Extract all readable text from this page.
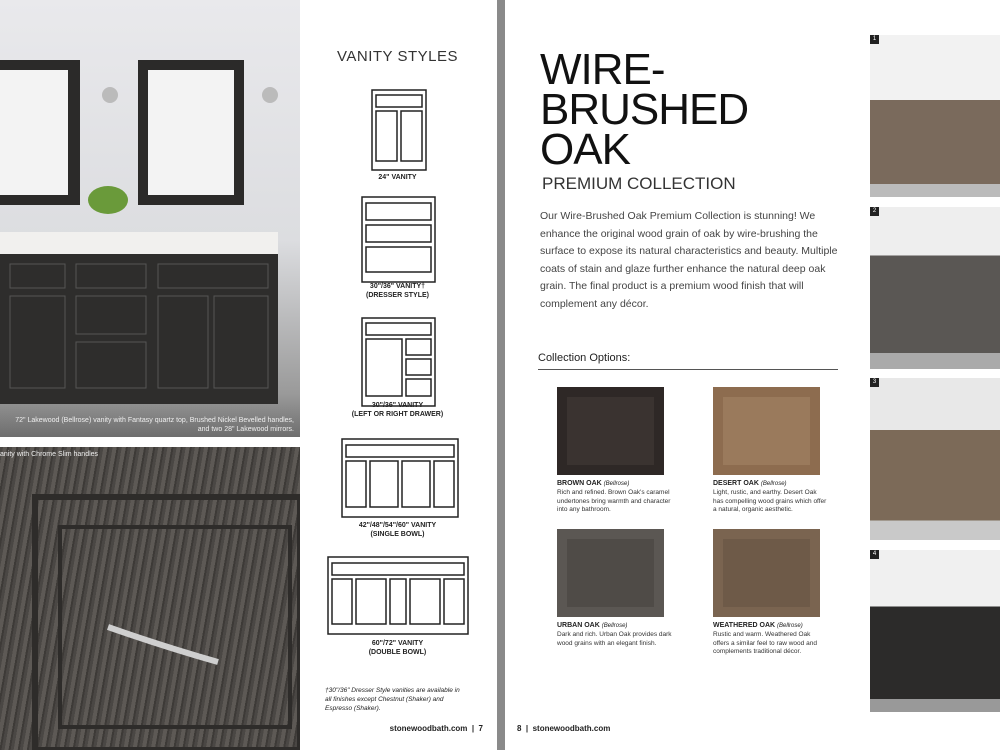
72" Lakewood (Bellrose) vanity with Fantasy quartz top, Brushed Nickel Bevelled handles, and two 28" Lakewood mirrors.
anity with Chrome Slim handles
VANITY STYLES
24" VANITY
30"/36" VANITY†
(DRESSER STYLE)
30"/36" VANITY
(LEFT OR RIGHT DRAWER)
42"/48"/54"/60" VANITY
(SINGLE BOWL)
60"/72" VANITY
(DOUBLE BOWL)
†30"/36" Dresser Style vanities are available in all finishes except Chestnut (Shaker) and Espresso (Shaker).
stonewoodbath.com  |  7
WIRE-
BRUSHED
OAK
PREMIUM COLLECTION
Our Wire-Brushed Oak Premium Collection is stunning! We enhance the original wood grain of oak by wire-brushing the surface to expose its natural characteristics and beauty. Multiple coats of stain and glaze further enhance the natural deep oak grain. The final product is a premium wood finish that will complement any décor.
Collection Options:
BROWN OAK (Bellrose)
Rich and refined. Brown Oak's caramel undertones bring warmth and character into any bathroom.
DESERT OAK (Bellrose)
Light, rustic, and earthy. Desert Oak has compelling wood grains which offer a natural, organic aesthetic.
URBAN OAK (Bellrose)
Dark and rich. Urban Oak provides dark wood grains with an elegant finish.
WEATHERED OAK (Bellrose)
Rustic and warm. Weathered Oak offers a similar feel to raw wood and complements traditional décor.
1
2
3
4
8  |  stonewoodbath.com
